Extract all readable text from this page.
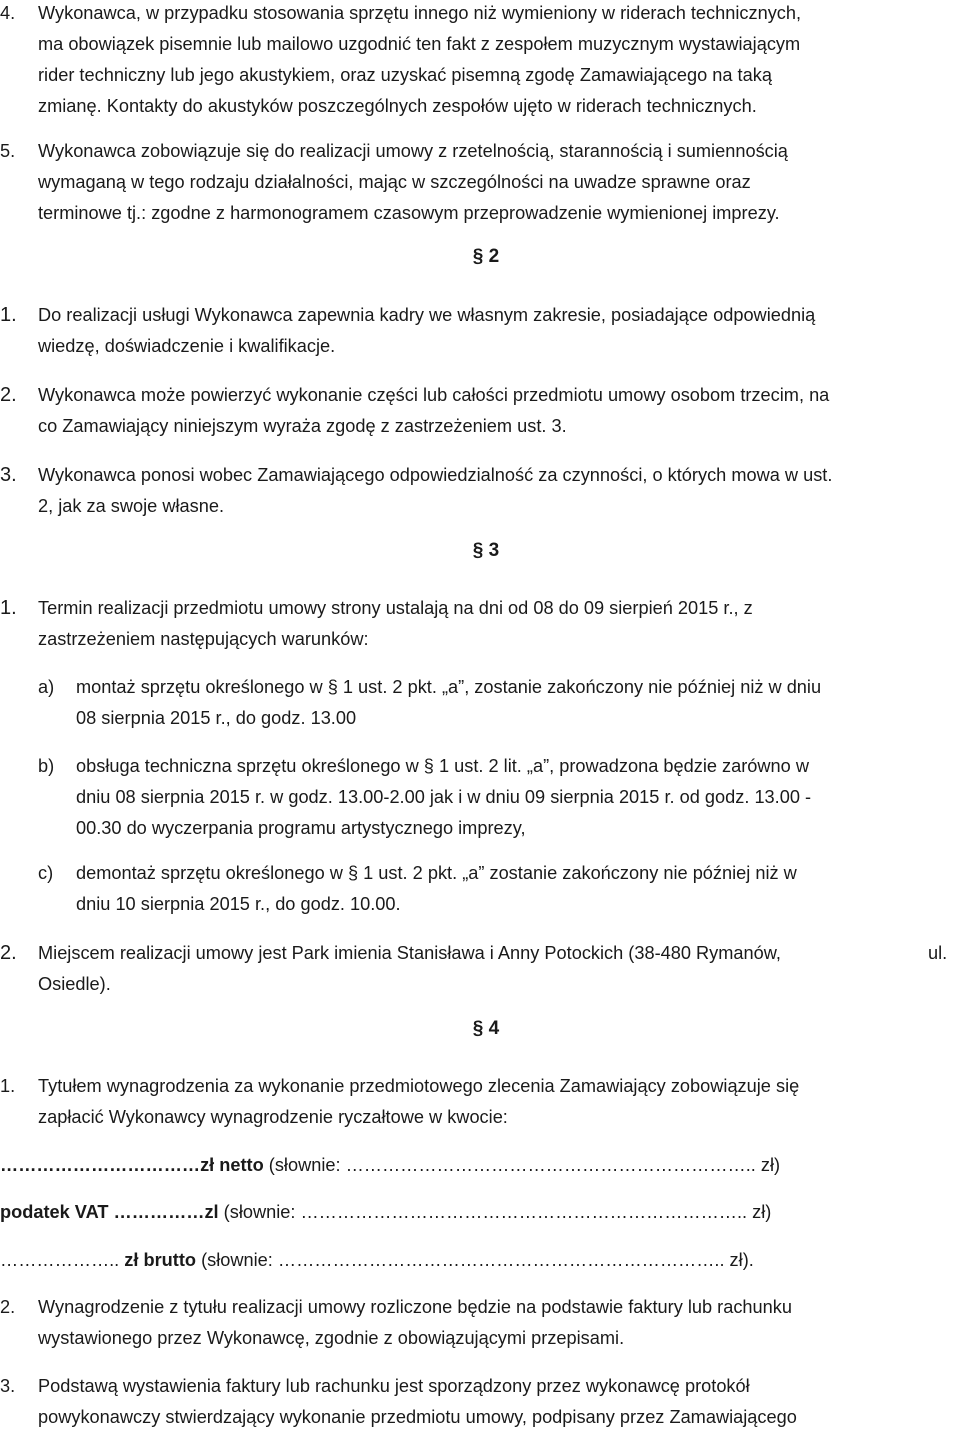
4.	Wykonawca, w przypadku stosowania sprzętu innego niż wymieniony w riderach technicznych,
ma obowiązek pisemnie lub mailowo uzgodnić ten fakt z zespołem muzycznym wystawiającym
rider techniczny lub jego akustykiem, oraz uzyskać pisemną zgodę Zamawiającego na taką
zmianę. Kontakty do akustyków poszczególnych zespołów ujęto w riderach technicznych.
5.	Wykonawca zobowiązuje się do realizacji umowy z rzetelnością, starannością i sumiennością
wymaganą w tego rodzaju działalności, mając w szczególności na uwadze sprawne oraz
terminowe tj.: zgodne z harmonogramem czasowym przeprowadzenie wymienionej imprezy.
§ 2
1.	Do realizacji usługi Wykonawca zapewnia kadry we własnym zakresie, posiadające odpowiednią
wiedzę, doświadczenie i kwalifikacje.
2.	Wykonawca może powierzyć wykonanie części lub całości przedmiotu umowy osobom trzecim, na
co Zamawiający niniejszym wyraża zgodę z zastrzeżeniem ust. 3.
3.	Wykonawca ponosi wobec Zamawiającego odpowiedzialność za czynności, o których mowa w ust.
2, jak za swoje własne.
§ 3
1.	Termin realizacji przedmiotu umowy strony ustalają na dni od 08 do 09 sierpień 2015 r., z
zastrzeżeniem następujących warunków:
a) montaż sprzętu określonego w § 1 ust. 2 pkt. „a”, zostanie zakończony nie później niż w dniu
08 sierpnia 2015 r., do godz. 13.00
b) obsługa techniczna sprzętu określonego w § 1 ust. 2 lit. „a”, prowadzona będzie zarówno w
dniu 08 sierpnia 2015 r. w godz. 13.00-2.00 jak i w dniu 09 sierpnia 2015 r. od godz. 13.00 -
00.30 do wyczerpania programu artystycznego imprezy,
c) demontaż sprzętu określonego w § 1 ust. 2 pkt. „a” zostanie zakończony nie później niż w
dniu 10 sierpnia 2015 r., do godz. 10.00.
2.	Miejscem realizacji umowy jest Park imienia Stanisława i Anny Potockich (38-480 Rymanów,
Osiedle).
ul.
§ 4
1.	Tytułem wynagrodzenia za wykonanie przedmiotowego zlecenia Zamawiający zobowiązuje się
zapłacić Wykonawcy wynagrodzenie ryczałtowe w kwocie:
……………………………zł netto (słownie: ………………………………………………………….. zł)
podatek VAT ……………zl (słownie: ……………………………………………………………….. zł)
……………….. zł brutto (słownie: ……………………………………………………………….. zł).
2.	Wynagrodzenie z tytułu realizacji umowy rozliczone będzie na podstawie faktury lub rachunku
wystawionego przez Wykonawcę, zgodnie z obowiązującymi przepisami.
3.	Podstawą wystawienia faktury lub rachunku jest sporządzony przez wykonawcę protokół
powykonawczy stwierdzający wykonanie przedmiotu umowy, podpisany przez Zamawiającego
